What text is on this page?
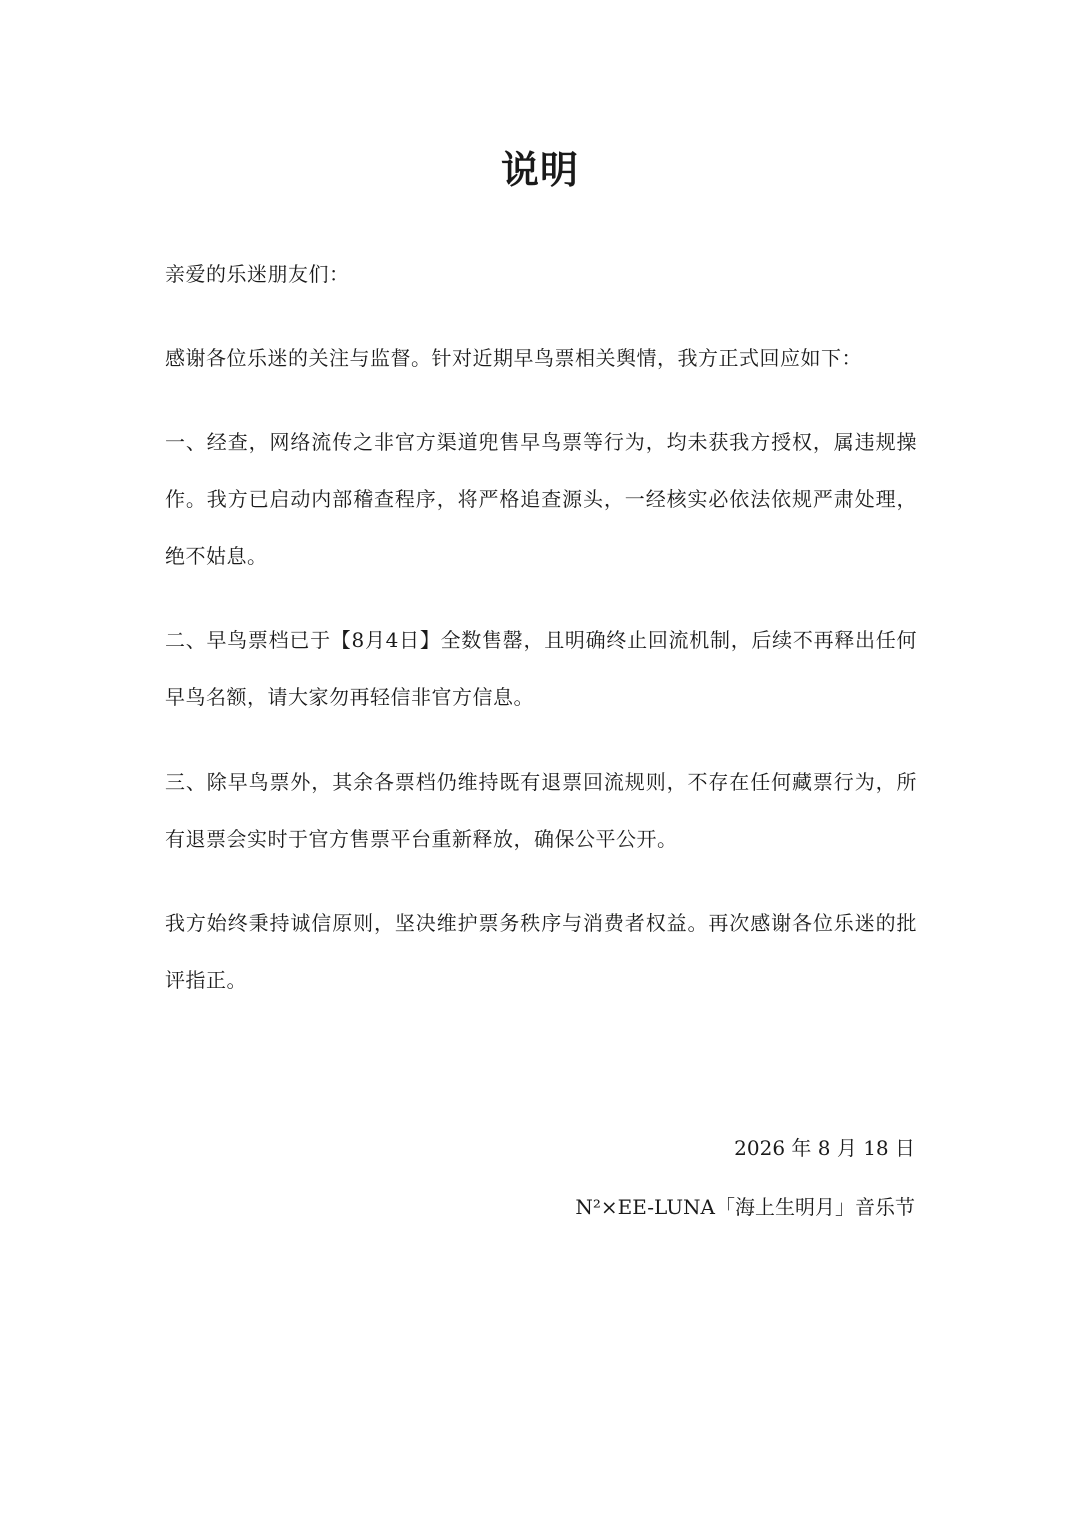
说明
亲爱的乐迷朋友们：
感谢各位乐迷的关注与监督。针对近期早鸟票相关舆情，我方正式回应如下：
一、经查，网络流传之非官方渠道兜售早鸟票等行为，均未获我方授权，属违规操作。我方已启动内部稽查程序，将严格追查源头，一经核实必依法依规严肃处理，绝不姑息。
二、早鸟票档已于【8月4日】全数售罄，且明确终止回流机制，后续不再释出任何早鸟名额，请大家勿再轻信非官方信息。
三、除早鸟票外，其余各票档仍维持既有退票回流规则，不存在任何藏票行为，所有退票会实时于官方售票平台重新释放，确保公平公开。
我方始终秉持诚信原则，坚决维护票务秩序与消费者权益。再次感谢各位乐迷的批评指正。
2026 年 8 月 18 日
N²×EE-LUNA「海上生明月」音乐节
